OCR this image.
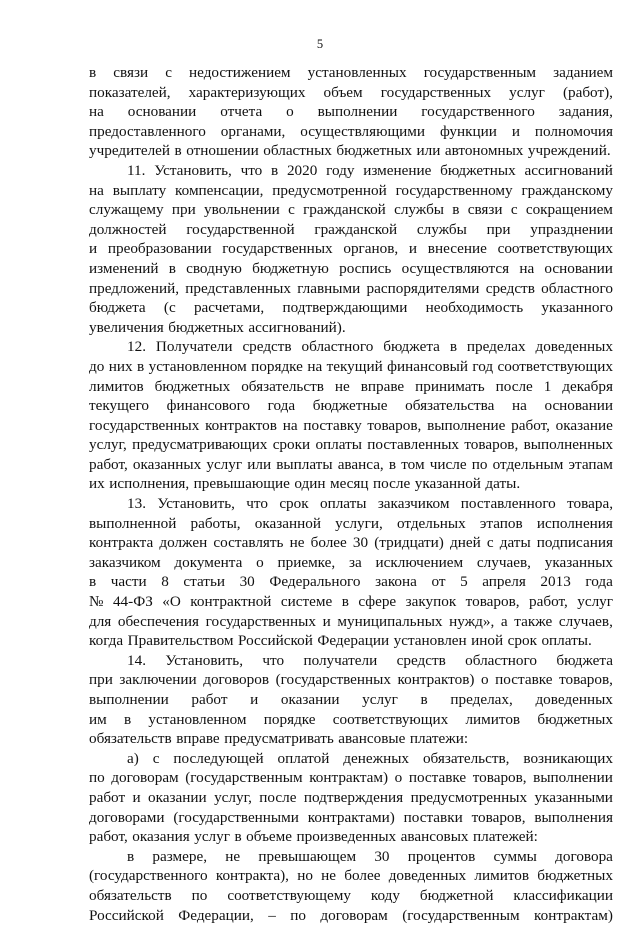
5
в связи с недостижением установленных государственным заданием
показателей, характеризующих объем государственных услуг (работ),
на основании отчета о выполнении государственного задания,
предоставленного органами, осуществляющими функции и полномочия
учредителей в отношении областных бюджетных или автономных учреждений.
11. Установить, что в 2020 году изменение бюджетных ассигнований
на выплату компенсации, предусмотренной государственному гражданскому
служащему при увольнении с гражданской службы в связи с сокращением
должностей государственной гражданской службы при упразднении
и преобразовании государственных органов, и внесение соответствующих
изменений в сводную бюджетную роспись осуществляются на основании
предложений, представленных главными распорядителями средств областного
бюджета (с расчетами, подтверждающими необходимость указанного
увеличения бюджетных ассигнований).
12. Получатели средств областного бюджета в пределах доведенных
до них в установленном порядке на текущий финансовый год соответствующих
лимитов бюджетных обязательств не вправе принимать после 1 декабря
текущего финансового года бюджетные обязательства на основании
государственных контрактов на поставку товаров, выполнение работ, оказание
услуг, предусматривающих сроки оплаты поставленных товаров, выполненных
работ, оказанных услуг или выплаты аванса, в том числе по отдельным этапам
их исполнения, превышающие один месяц после указанной даты.
13. Установить, что срок оплаты заказчиком поставленного товара,
выполненной работы, оказанной услуги, отдельных этапов исполнения
контракта должен составлять не более 30 (тридцати) дней с даты подписания
заказчиком документа о приемке, за исключением случаев, указанных
в части 8 статьи 30 Федерального закона от 5 апреля 2013 года
№ 44-ФЗ «О контрактной системе в сфере закупок товаров, работ, услуг
для обеспечения государственных и муниципальных нужд», а также случаев,
когда Правительством Российской Федерации установлен иной срок оплаты.
14. Установить, что получатели средств областного бюджета
при заключении договоров (государственных контрактов) о поставке товаров,
выполнении работ и оказании услуг в пределах, доведенных
им в установленном порядке соответствующих лимитов бюджетных
обязательств вправе предусматривать авансовые платежи:
а) с последующей оплатой денежных обязательств, возникающих
по договорам (государственным контрактам) о поставке товаров, выполнении
работ и оказании услуг, после подтверждения предусмотренных указанными
договорами (государственными контрактами) поставки товаров, выполнения
работ, оказания услуг в объеме произведенных авансовых платежей:
в размере, не превышающем 30 процентов суммы договора
(государственного контракта), но не более доведенных лимитов бюджетных
обязательств по соответствующему коду бюджетной классификации
Российской Федерации, – по договорам (государственным контрактам)
